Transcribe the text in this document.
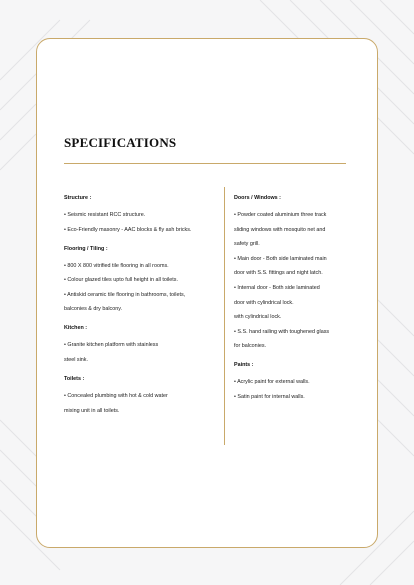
SPECIFICATIONS
Structure :
• Seismic resistant RCC structure.
• Eco-Friendly masonry - AAC blocks & fly ash bricks.
Flooring / Tiling :
• 800 X 800 vitrified tile flooring in all rooms.
• Colour glazed tiles upto full height in all toilets.
• Antiskid ceramic tile flooring in bathrooms, toilets,
balconies & dry balcony.
Kitchen :
• Granite kitchen platform with stainless
steel sink.
Toilets :
• Concealed plumbing with hot & cold water
mixing unit in all toilets.
Doors / Windows :
• Powder coated aluminium three track
sliding windows with mosquito net and
safety grill.
• Main door - Both side laminated main
door with S.S. fittings and night latch.
• Internal door - Both side laminated
door with cylindrical lock.
with cylindrical lock.
• S.S. hand railing with toughened glass
for balconies.
Paints :
• Acrylic paint for external walls.
• Satin paint for internal walls.
